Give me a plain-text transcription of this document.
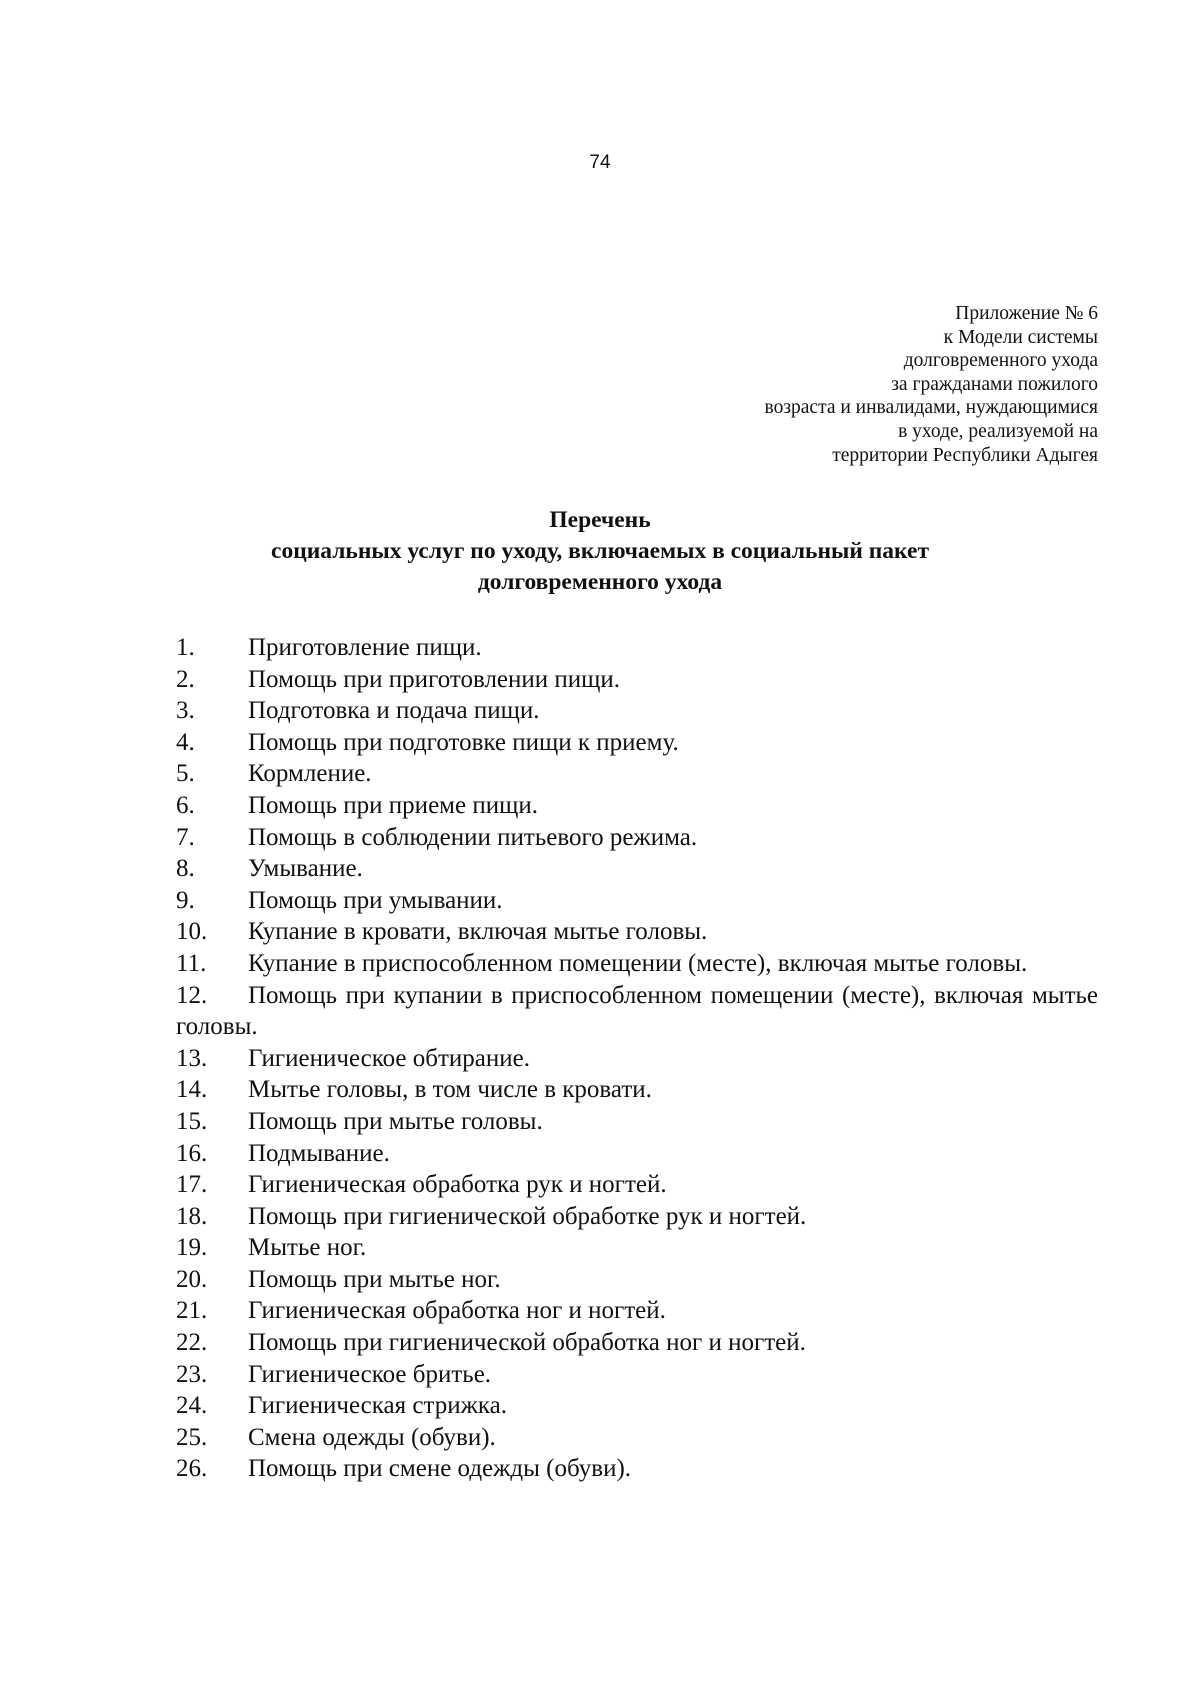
74
Приложение № 6
к Модели системы
долговременного ухода
за гражданами пожилого
возраста и инвалидами, нуждающимися
в уходе, реализуемой на
территории Республики Адыгея
Перечень
социальных услуг по уходу, включаемых в социальный пакет
долговременного ухода
1. Приготовление пищи.
2. Помощь при приготовлении пищи.
3. Подготовка и подача пищи.
4. Помощь при подготовке пищи к приему.
5. Кормление.
6. Помощь при приеме пищи.
7. Помощь в соблюдении питьевого режима.
8. Умывание.
9. Помощь при умывании.
10. Купание в кровати, включая мытье головы.
11. Купание в приспособленном помещении (месте), включая мытье головы.
12. Помощь при купании в приспособленном помещении (месте), включая мытье головы.
13. Гигиеническое обтирание.
14. Мытье головы, в том числе в кровати.
15. Помощь при мытье головы.
16. Подмывание.
17. Гигиеническая обработка рук и ногтей.
18. Помощь при гигиенической обработке рук и ногтей.
19. Мытье ног.
20. Помощь при мытье ног.
21. Гигиеническая обработка ног и ногтей.
22. Помощь при гигиенической обработка ног и ногтей.
23. Гигиеническое бритье.
24. Гигиеническая стрижка.
25. Смена одежды (обуви).
26. Помощь при смене одежды (обуви).
